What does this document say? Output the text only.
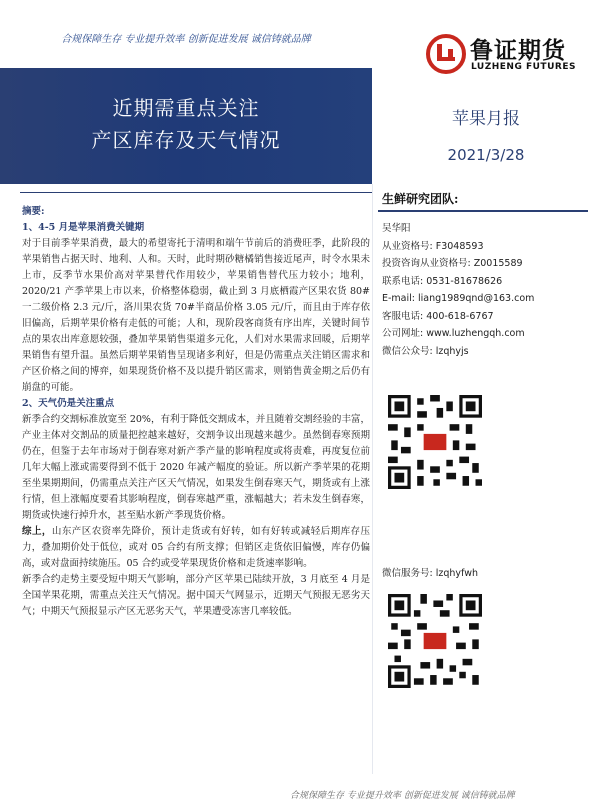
合规保障生存 专业提升效率 创新促进发展 诚信铸就品牌
近期需重点关注
产区库存及天气情况
鲁证期货
LUZHENG FUTURES
苹果月报
2021/3/28

摘要:

1、4-5 月是苹果消费关键期

对于目前季苹果消费，最大的希望寄托于清明和端午节前后的消费旺季，此阶段的苹果销售占据天时、地利、人和。天时，此时期砂糖橘销售接近尾声，时令水果未上市，反季节水果价高对苹果替代作用较少，苹果销售替代压力较小；地利，2020/21 产季苹果上市以来，价格整体稳弱，截止到 3 月底栖霞产区果农货 80#一二级价格 2.3 元/斤，洛川果农货 70#半商品价格 3.05 元/斤，而且由于库存依旧偏高，后期苹果价格有走低的可能；人和，现阶段客商货有序出库，关键时间节点的果农出库意愿较强，叠加苹果销售渠道多元化，人们对水果需求回暖，后期苹果销售有望升温。虽然后期苹果销售呈现诸多利好，但是仍需重点关注销区需求和产区价格之间的博弈，如果现货价格不及以提升销区需求，则销售黄金期之后仍有崩盘的可能。

2、天气仍是关注重点

新季合约交割标准放宽至 20%，有利于降低交割成本，并且随着交割经验的丰富，产业主体对交割品的质量把控越来越好，交割争议出现越来越少。虽然倒春寒预期仍在，但鉴于去年市场对于倒春寒对新产季产量的影响程度或将责难，再度复位前几年大幅上涨或需要得到不低于 2020 年减产幅度的验证。所以新产季苹果的花期至坐果期期间，仍需重点关注产区天气情况，如果发生倒春寒天气，期货或有上涨行情，但上涨幅度要看其影响程度，倒春寒越严重，涨幅越大；若未发生倒春寒，期货或快速行掉升水，甚至贴水新产季现货价格。

综上，山东产区农资率先降价，预计走货或有好转，如有好转或减轻后期库存压力，叠加期价处于低位，或对 05 合约有所支撑；但销区走货依旧偏慢，库存仍偏高，或对盘面持续施压。05 合约或受苹果现货价格和走货速率影响。

新季合约走势主要受短中期天气影响，部分产区苹果已陆续开放，3 月底至 4 月是全国苹果花期，需重点关注天气情况。据中国天气网显示，近期天气预报无恶劣天气；中期天气预报显示产区无恶劣天气，苹果遭受冻害几率较低。

生鲜研究团队:
吴华阳
从业资格号: F3048593
投资咨询从业资格号: Z0015589
联系电话: 0531-81678626
E-mail: liang1989qnd@163.com
客服电话: 400-618-6767
公司网址: www.luzhengqh.com
微信公众号: lzqhyjs
微信服务号: lzqhyfwh
合规保障生存 专业提升效率 创新促进发展 诚信铸就品牌
